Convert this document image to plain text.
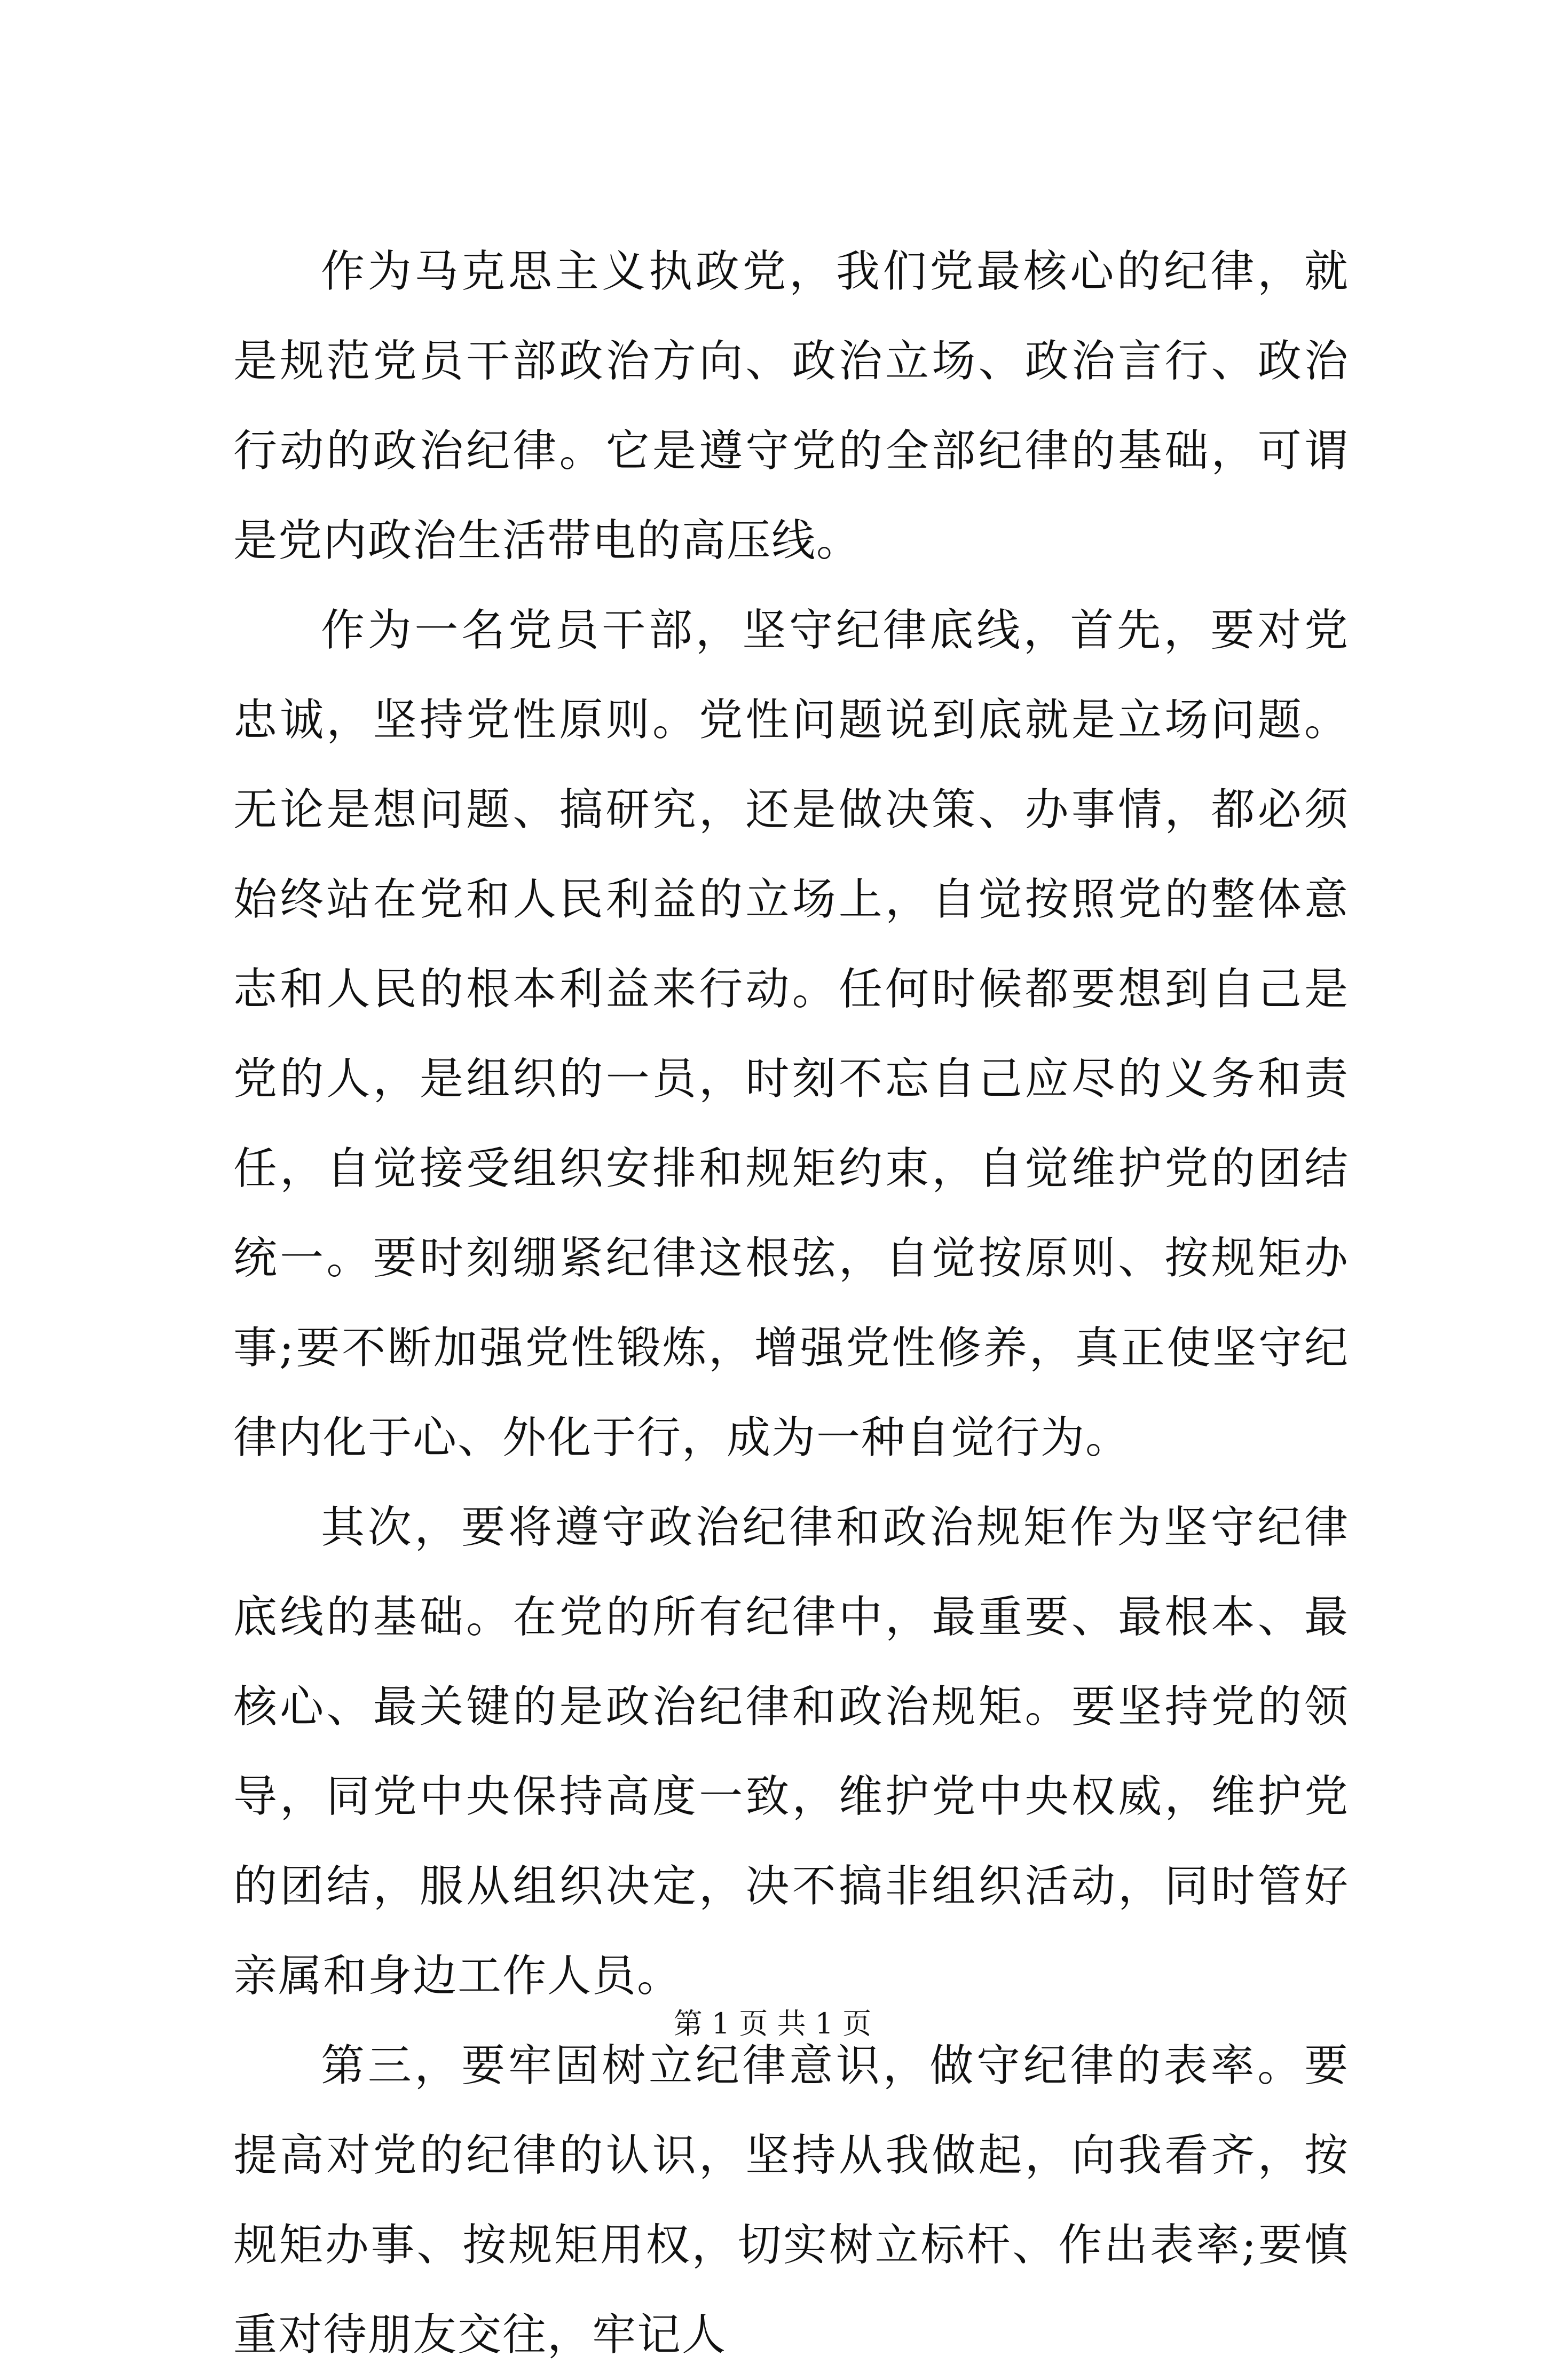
作为马克思主义执政党，我们党最核心的纪律，就是规范党员干部政治方向、政治立场、政治言行、政治行动的政治纪律。它是遵守党的全部纪律的基础，可谓是党内政治生活带电的高压线。

作为一名党员干部，坚守纪律底线，首先，要对党忠诚，坚持党性原则。党性问题说到底就是立场问题。无论是想问题、搞研究，还是做决策、办事情，都必须始终站在党和人民利益的立场上，自觉按照党的整体意志和人民的根本利益来行动。任何时候都要想到自己是党的人，是组织的一员，时刻不忘自己应尽的义务和责任，自觉接受组织安排和规矩约束，自觉维护党的团结统一。要时刻绷紧纪律这根弦，自觉按原则、按规矩办事;要不断加强党性锻炼，增强党性修养，真正使坚守纪律内化于心、外化于行，成为一种自觉行为。

其次，要将遵守政治纪律和政治规矩作为坚守纪律底线的基础。在党的所有纪律中，最重要、最根本、最核心、最关键的是政治纪律和政治规矩。要坚持党的领导，同党中央保持高度一致，维护党中央权威，维护党的团结，服从组织决定，决不搞非组织活动，同时管好亲属和身边工作人员。

第三，要牢固树立纪律意识，做守纪律的表率。要提高对党的纪律的认识，坚持从我做起，向我看齐，按规矩办事、按规矩用权，切实树立标杆、作出表率;要慎重对待朋友交往，牢记人

第 1 页 共 1 页
